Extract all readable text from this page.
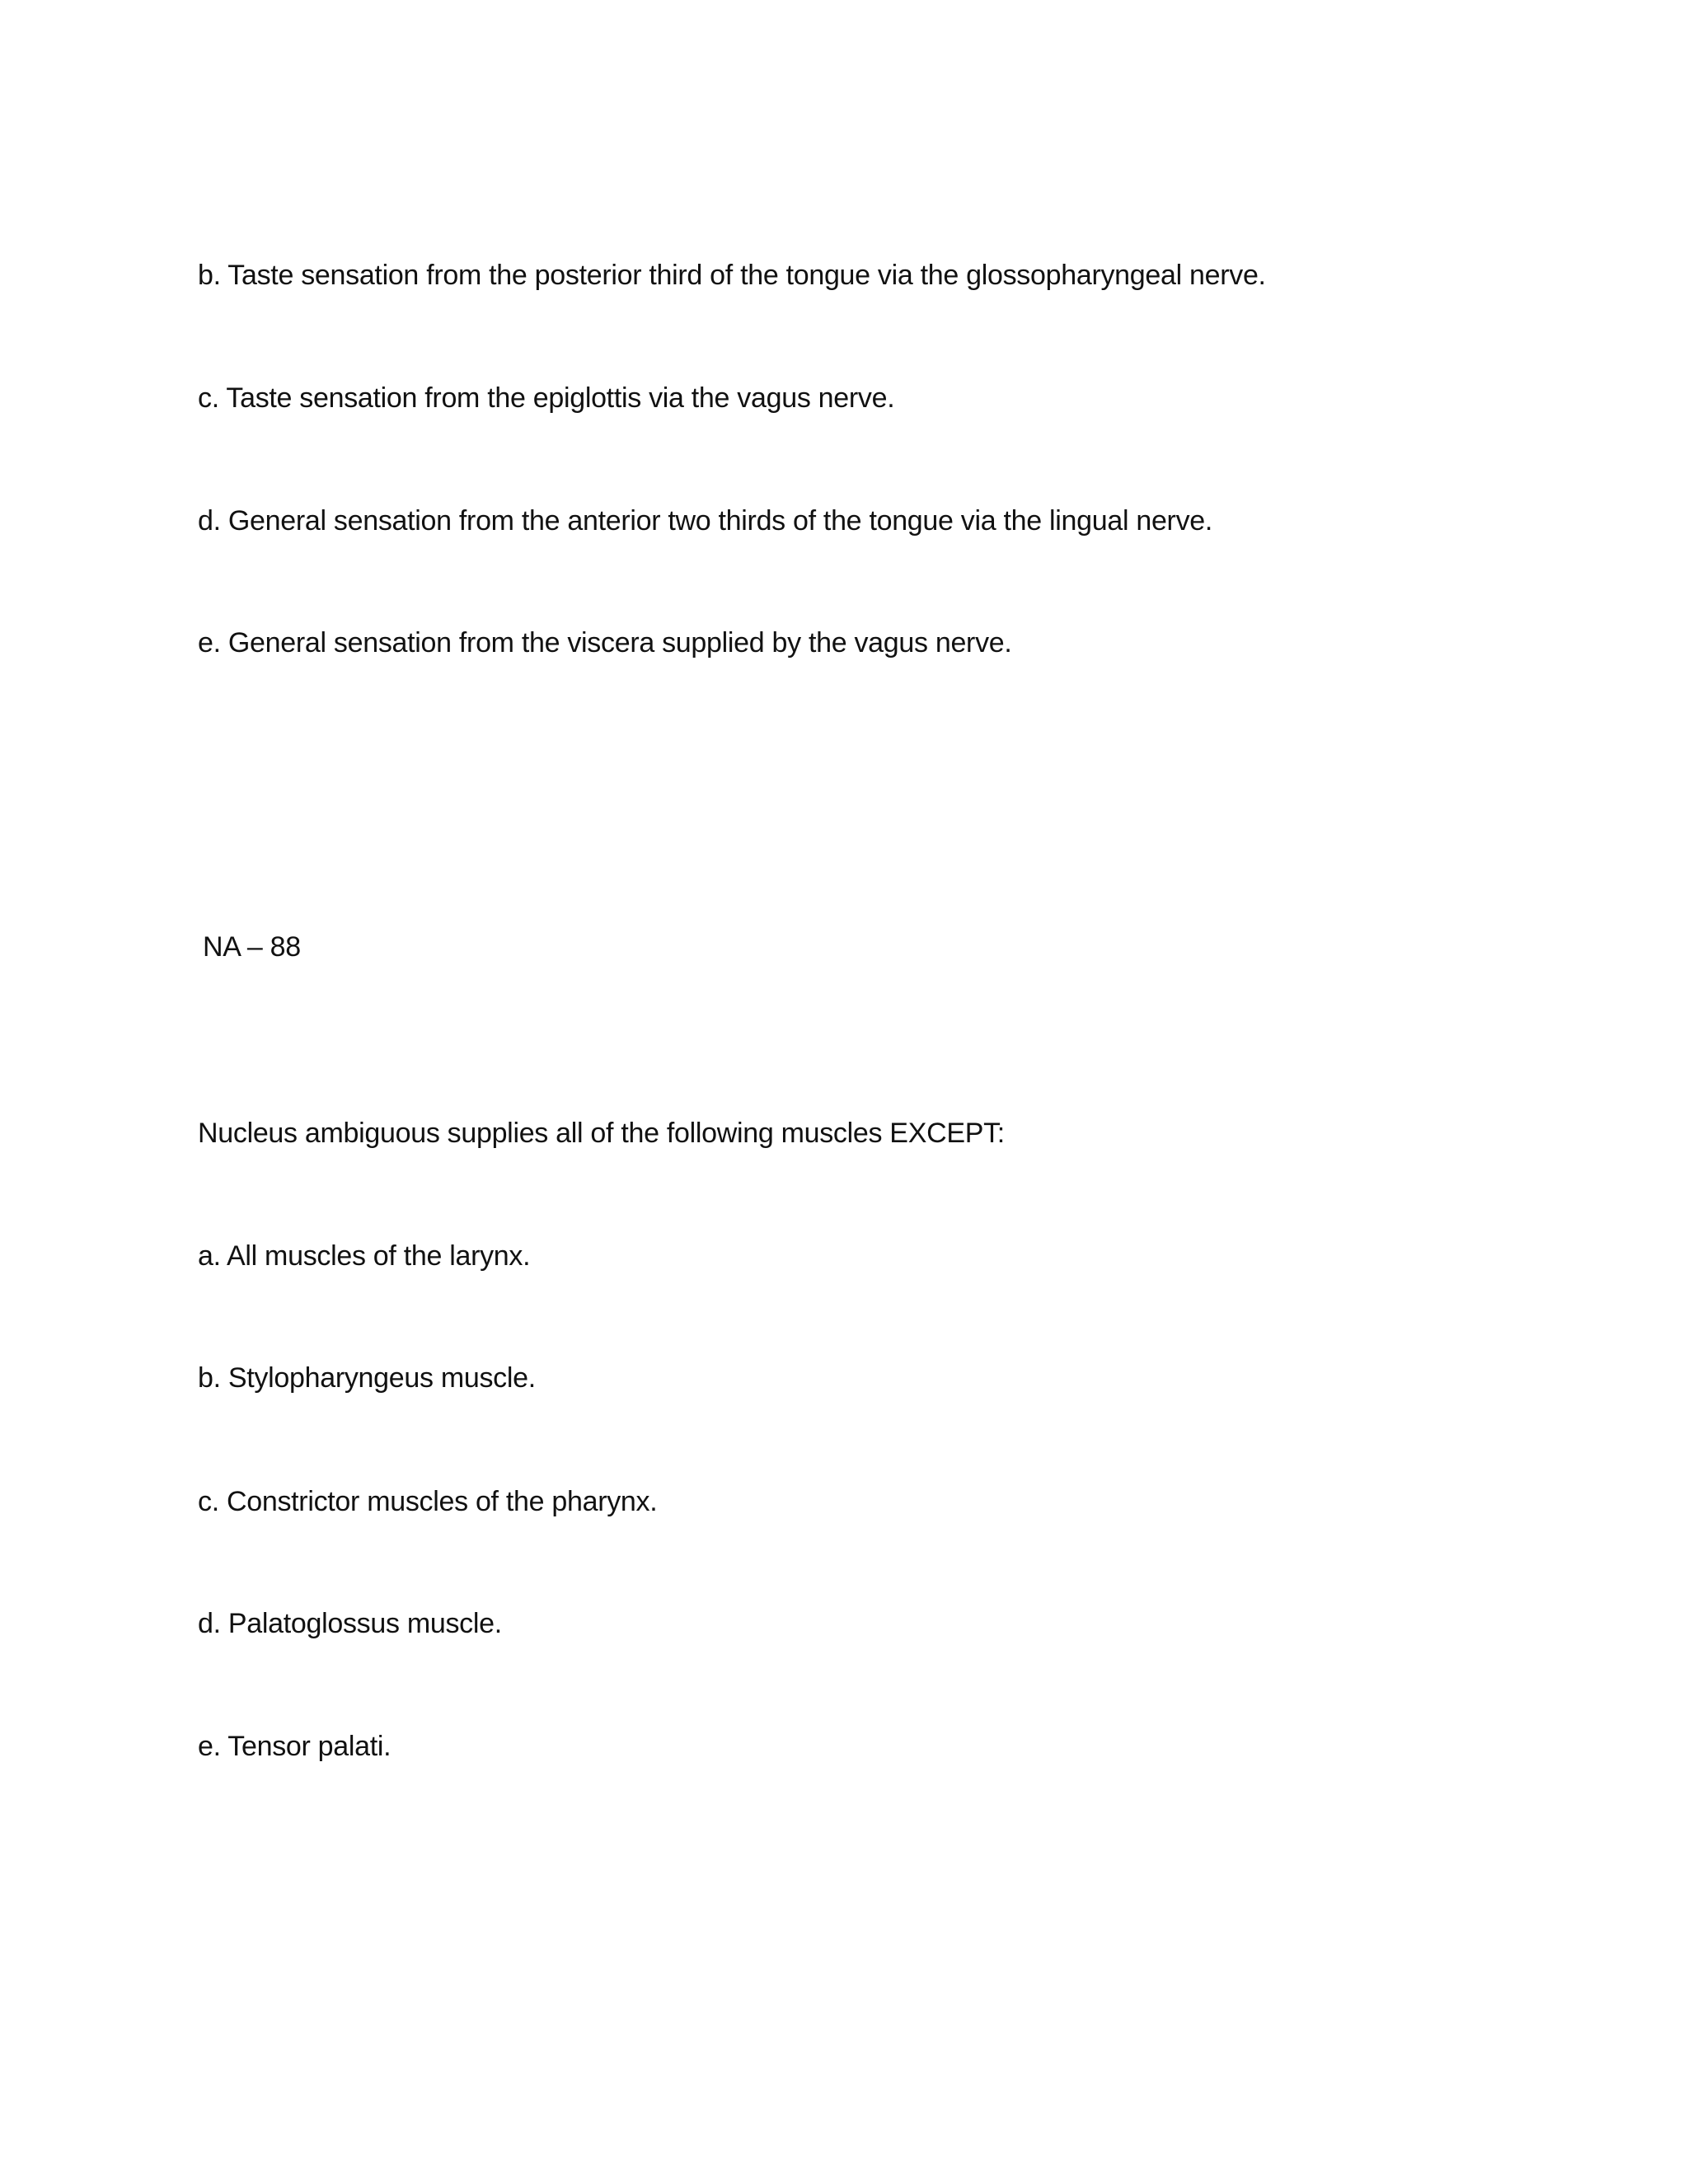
b. Taste sensation from the posterior third of the tongue via the glossopharyngeal nerve.
c. Taste sensation from the epiglottis via the vagus nerve.
d. General sensation from the anterior two thirds of the tongue via the lingual nerve.
e. General sensation from the viscera supplied by the vagus nerve.
NA – 88
Nucleus ambiguous supplies all of the following muscles EXCEPT:
a. All muscles of the larynx.
b. Stylopharyngeus muscle.
c. Constrictor muscles of the pharynx.
d. Palatoglossus muscle.
e. Tensor palati.
